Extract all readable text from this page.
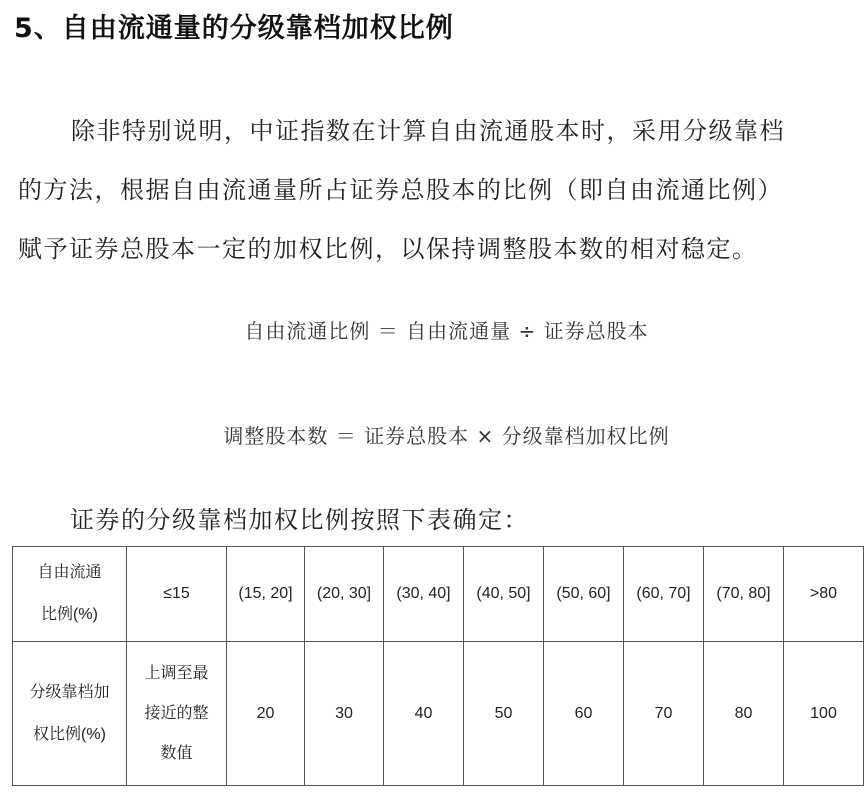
5、自由流通量的分级靠档加权比例
除非特别说明，中证指数在计算自由流通股本时，采用分级靠档
的方法，根据自由流通量所占证券总股本的比例（即自由流通比例）
赋予证券总股本一定的加权比例，以保持调整股本数的相对稳定。
自由流通比例 ＝ 自由流通量 ÷ 证券总股本
调整股本数 ＝ 证券总股本 × 分级靠档加权比例
证券的分级靠档加权比例按照下表确定：
自由流通
比例(%)	≤15	(15, 20]	(20, 30]	(30, 40]	(40, 50]	(50, 60]	(60, 70]	(70, 80]	>80

分级靠档加
权比例(%)	上调至最
接近的整
数值	20	30	40	50	60	70	80	100
